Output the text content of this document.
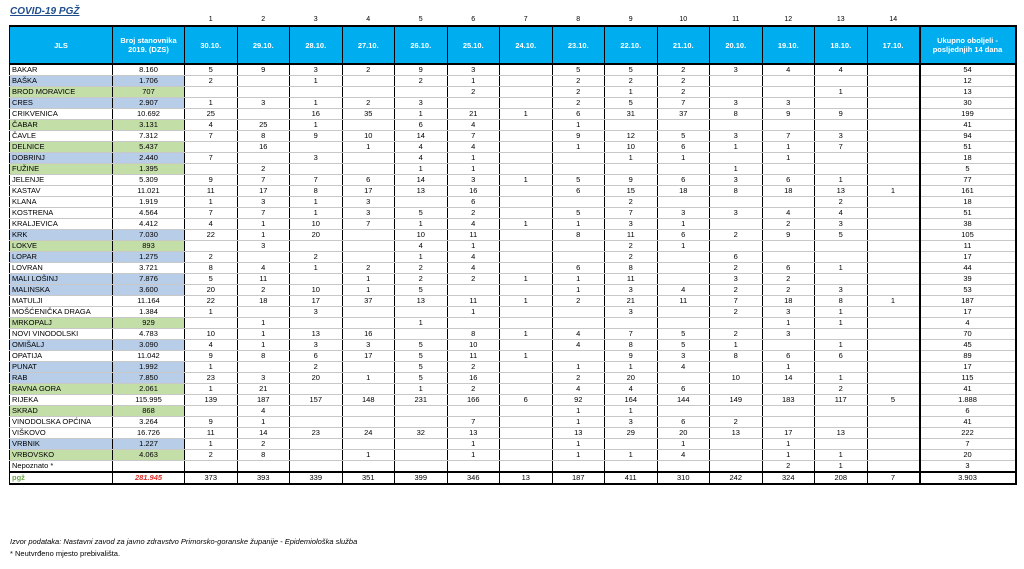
COVID-19 PGŽ
		1	2	3	4	5	6	7	8	9	10	11	12	13	14	
JLS	Broj stanovnika 2019. (DZS)	30.10.	29.10.	28.10.	27.10.	26.10.	25.10.	24.10.	23.10.	22.10.	21.10.	20.10.	19.10.	18.10.	17.10.	Ukupno oboljeli - posljednjih 14 dana
BAKAR	8.160	5	9	3	2	9	3		5	5	2	3	4	4		54
BAŠKA	1.706	2		1		2	1		2	2	2					12
BROD MORAVICE	707						2		2	1	2			1		13
CRES	2.907	1	3	1	2	3			2	5	7	3	3			30
CRIKVENICA	10.692	25		16	35	1	21	1	6	31	37	8	9	9		199
ČABAR	3.131	4	25	1		6	4		1							41
ČAVLE	7.312	7	8	9	10	14	7		9	12	5	3	7	3		94
DELNICE	5.437		16		1	4	4		1	10	6	1	1	7		51
DOBRINJ	2.440	7		3		4	1			1	1		1			18
FUŽINE	1.395		2			1	1					1				5
JELENJE	5.309	9	7	7	6	14	3	1	5	9	6	3	6	1		77
KASTAV	11.021	11	17	8	17	13	16		6	15	18	8	18	13	1	161
KLANA	1.919	1	3	1	3		6			2				2		18
KOSTRENA	4.564	7	7	1	3	5	2		5	7	3	3	4	4		51
KRALJEVICA	4.412	4	1	10	7	1	4	1	1	3	1		2	3		38
KRK	7.030	22	1	20		10	11		8	11	6	2	9	5		105
LOKVE	893		3			4	1			2	1					11
LOPAR	1.275	2		2		1	4			2		6				17
LOVRAN	3.721	8	4	1	2	2	4		6	8		2	6	1		44
MALI LOŠINJ	7.876	5	11		1	2	2	1	1	11		3	2			39
MALINSKA	3.600	20	2	10	1	5			1	3	4	2	2	3		53
MATULJI	11.164	22	18	17	37	13	11	1	2	21	11	7	18	8	1	187
MOŠĆENIČKA DRAGA	1.384	1		3			1			3		2	3	1		17
MRKOPALJ	929		1			1							1	1		4
NOVI VINODOLSKI	4.783	10	1	13	16		8	1	4	7	5	2	3			70
OMIŠALJ	3.090	4	1	3	3	5	10		4	8	5	1		1		45
OPATIJA	11.042	9	8	6	17	5	11	1		9	3	8	6	6		89
PUNAT	1.992	1		2		5	2		1	1	4		1			17
RAB	7.850	23	3	20	1	5	16		2	20		10	14	1		115
RAVNA GORA	2.061	1	21			1	2		4	4	6			2		41
RIJEKA	115.995	139	187	157	148	231	166	6	92	164	144	149	183	117	5	1.888
SKRAD	868		4						1	1						6
VINODOLSKA OPĆINA	3.264	9	1				7		1	3	6	2				41
VIŠKOVO	16.726	11	14	23	24	32	13		13	29	20	13	17	13		222
VRBNIK	1.227	1	2				1		1		1		1			7
VRBOVSKO	4.063	2	8		1		1		1	1	4		1	1		20
Nepoznato *													2	1		3
pgž	281.945	373	393	339	351	399	346	13	187	411	310	242	324	208	7	3.903
Izvor podataka: Nastavni zavod za javno zdravstvo Primorsko-goranske županije - Epidemiološka služba
* Neutvrđeno mjesto prebivališta.
